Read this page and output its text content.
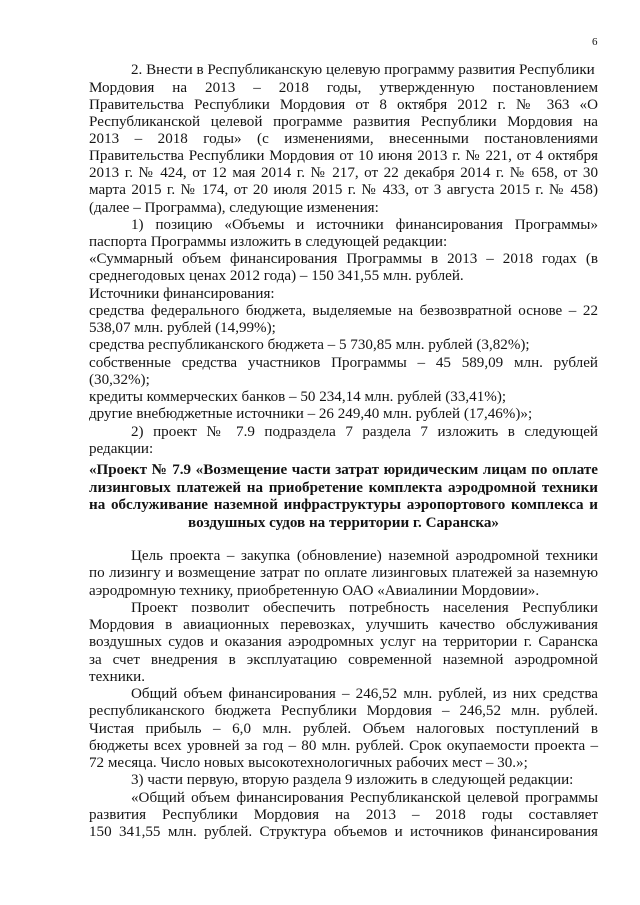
6
2. Внести в Республиканскую целевую программу развития Республики
Мордовия на 2013 – 2018 годы, утвержденную постановлением
Правительства Республики Мордовия от 8 октября 2012 г. № 363 «О
Республиканской целевой программе развития Республики Мордовия на
2013 – 2018 годы» (с изменениями, внесенными постановлениями
Правительства Республики Мордовия от 10 июня 2013 г. № 221, от 4 октября
2013 г. № 424, от 12 мая 2014 г. № 217, от 22 декабря 2014 г. № 658, от 30
марта 2015 г. № 174, от 20 июля 2015 г. № 433, от 3 августа 2015 г. № 458)
(далее – Программа), следующие изменения:
1) позицию «Объемы и источники финансирования Программы»
паспорта Программы изложить в следующей редакции:
«Суммарный объем финансирования Программы в 2013 – 2018 годах (в
среднегодовых ценах 2012 года) – 150 341,55 млн. рублей.
Источники финансирования:
средства федерального бюджета, выделяемые на безвозвратной основе – 22
538,07 млн. рублей (14,99%);
средства республиканского бюджета – 5 730,85 млн. рублей (3,82%);
собственные средства участников Программы – 45 589,09 млн. рублей
(30,32%);
кредиты коммерческих банков – 50 234,14 млн. рублей (33,41%);
другие внебюджетные источники – 26 249,40 млн. рублей (17,46%)»;
2) проект № 7.9 подраздела 7 раздела 7 изложить в следующей
редакции:
«Проект № 7.9 «Возмещение части затрат юридическим лицам по оплате
лизинговых платежей на приобретение комплекта аэродромной техники
на обслуживание наземной инфраструктуры аэропортового комплекса и
воздушных судов на территории г. Саранска»
Цель проекта – закупка (обновление) наземной аэродромной техники
по лизингу и возмещение затрат по оплате лизинговых платежей за наземную
аэродромную технику, приобретенную ОАО «Авиалинии Мордовии».
Проект позволит обеспечить потребность населения Республики
Мордовия в авиационных перевозках, улучшить качество обслуживания
воздушных судов и оказания аэродромных услуг на территории г. Саранска
за счет внедрения в эксплуатацию современной наземной аэродромной
техники.
Общий объем финансирования – 246,52 млн. рублей, из них средства
республиканского бюджета Республики Мордовия – 246,52 млн. рублей.
Чистая прибыль – 6,0 млн. рублей. Объем налоговых поступлений в
бюджеты всех уровней за год – 80 млн. рублей. Срок окупаемости проекта –
72 месяца. Число новых высокотехнологичных рабочих мест – 30.»;
3) части первую, вторую раздела 9 изложить в следующей редакции:
«Общий объем финансирования Республиканской целевой программы
развития Республики Мордовия на 2013 – 2018 годы составляет
150 341,55 млн. рублей. Структура объемов и источников финансирования
